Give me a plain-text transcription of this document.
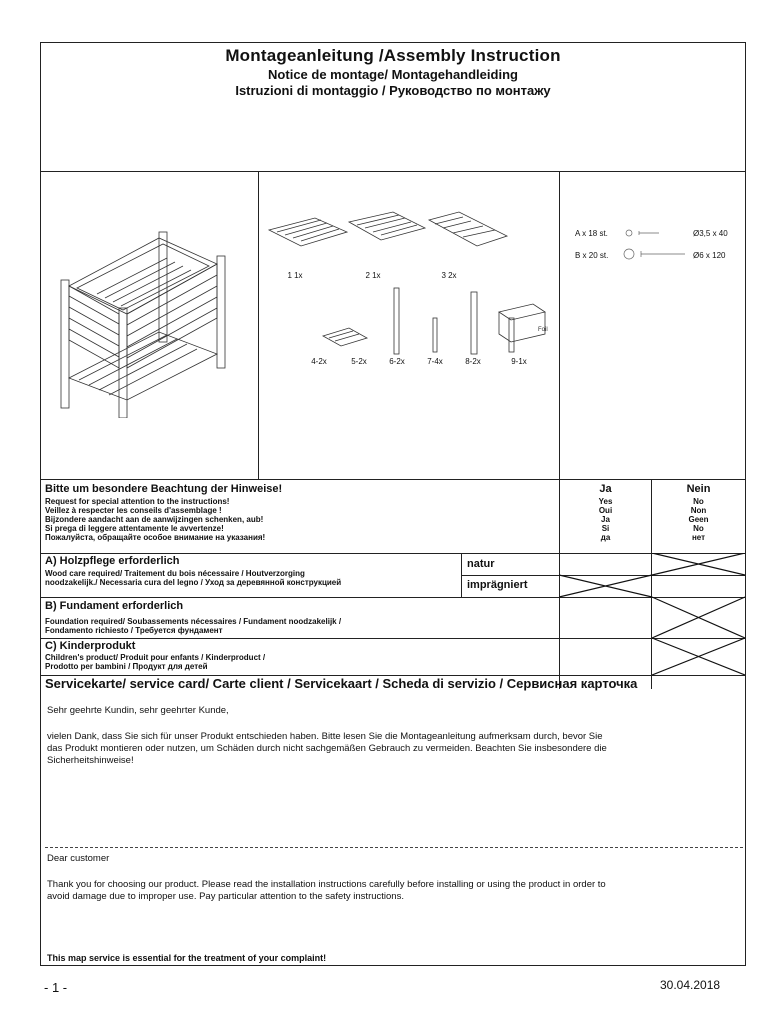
Montageanleitung /Assembly Instruction
Notice de montage/ Montagehandleiding
Istruzioni di montaggio / Руководство по монтажу
Foil
1 1x	2 1x	3 2x
4-2x	5-2x	6-2x	7-4x	8-2x	9-1x
A x 18 st.	Ø3,5 x 40
B x 20 st.	Ø6 x 120
Bitte um besondere Beachtung der Hinweise!
Request for special attention to the instructions!
Veillez à respecter les conseils d'assemblage !
Bijzondere aandacht aan de aanwijzingen schenken, aub!
Si prega di leggere attentamente le avvertenze!
Пожалуйста, обращайте особое внимание на указания!
Ja	Nein
Yes
Oui
Ja
Si
да
No
Non
Geen
No
нет
A) Holzpflege erforderlich
Wood care required/ Traitement du bois nécessaire / Houtverzorging
noodzakelijk./ Necessaria cura del legno / Уход за деревянной конструкцией
natur
imprägniert
B) Fundament erforderlich
Foundation required/ Soubassements nécessaires / Fundament noodzakelijk /
Fondamento richiesto / Требуется фундамент
C) Kinderprodukt
Children's product/ Produit pour enfants / Kinderproduct /
Prodotto per bambini / Продукт для детей
Servicekarte/ service card/ Carte client / Servicekaart / Scheda di servizio / Сервисная карточка
Sehr geehrte Kundin, sehr geehrter Kunde,
vielen Dank, dass Sie sich für unser Produkt entschieden haben. Bitte lesen Sie die Montageanleitung aufmerksam durch, bevor Sie
das Produkt montieren oder nutzen, um Schäden durch nicht sachgemäßen Gebrauch zu vermeiden. Beachten Sie insbesondere die
Sicherheitshinweise!
Dear customer
Thank you for choosing our product. Please read the installation instructions carefully before installing or using the product in order to
avoid damage due to improper use. Pay particular attention to the safety instructions.
This map service is essential for the treatment of your complaint!
- 1 -	30.04.2018
